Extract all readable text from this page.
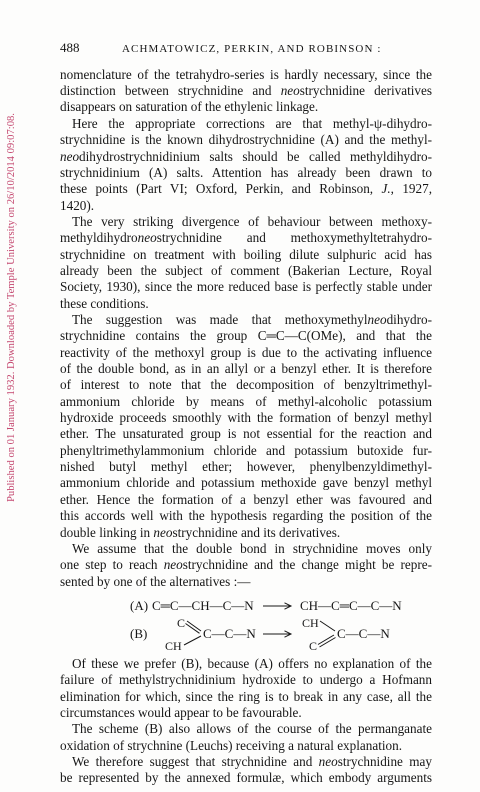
Published on 01 January 1932. Downloaded by Temple University on 26/10/2014 09:07:08.
488	ACHMATOWICZ, PERKIN, AND ROBINSON :
(A) C═C—CH—C—N	CH—C═C—C—N
(B)
C
CH
C—C—N
CH
C
C—C—N
nomenclature of the tetrahydro-series is hardly necessary, since the
distinction between strychnidine and neostrychnidine derivatives
disappears on saturation of the ethylenic linkage.
Here the appropriate corrections are that methyl-ψ-dihydro-
strychnidine is the known dihydrostrychnidine (A) and the methyl-
neodihydrostrychnidinium salts should be called methyldihydro-
strychnidinium (A) salts. Attention has already been drawn to
these points (Part VI; Oxford, Perkin, and Robinson, J., 1927,
1420).
The very striking divergence of behaviour between methoxy-
methyldihydroneostrychnidine and methoxymethyltetrahydro-
strychnidine on treatment with boiling dilute sulphuric acid has
already been the subject of comment (Bakerian Lecture, Royal
Society, 1930), since the more reduced base is perfectly stable under
these conditions.
The suggestion was made that methoxymethylneodihydro-
strychnidine contains the group C═C—C(OMe), and that the
reactivity of the methoxyl group is due to the activating influence
of the double bond, as in an allyl or a benzyl ether. It is therefore
of interest to note that the decomposition of benzyltrimethyl-
ammonium chloride by means of methyl-alcoholic potassium
hydroxide proceeds smoothly with the formation of benzyl methyl
ether. The unsaturated group is not essential for the reaction and
phenyltrimethylammonium chloride and potassium butoxide fur-
nished butyl methyl ether; however, phenylbenzyldimethyl-
ammonium chloride and potassium methoxide gave benzyl methyl
ether. Hence the formation of a benzyl ether was favoured and
this accords well with the hypothesis regarding the position of the
double linking in neostrychnidine and its derivatives.
We assume that the double bond in strychnidine moves only
one step to reach neostrychnidine and the change might be repre-
sented by one of the alternatives :—
Of these we prefer (B), because (A) offers no explanation of the
failure of methylstrychnidinium hydroxide to undergo a Hofmann
elimination for which, since the ring is to break in any case, all the
circumstances would appear to be favourable.
The scheme (B) also allows of the course of the permanganate
oxidation of strychnine (Leuchs) receiving a natural explanation.
We therefore suggest that strychnidine and neostrychnidine may
be represented by the annexed formulæ, which embody arguments
